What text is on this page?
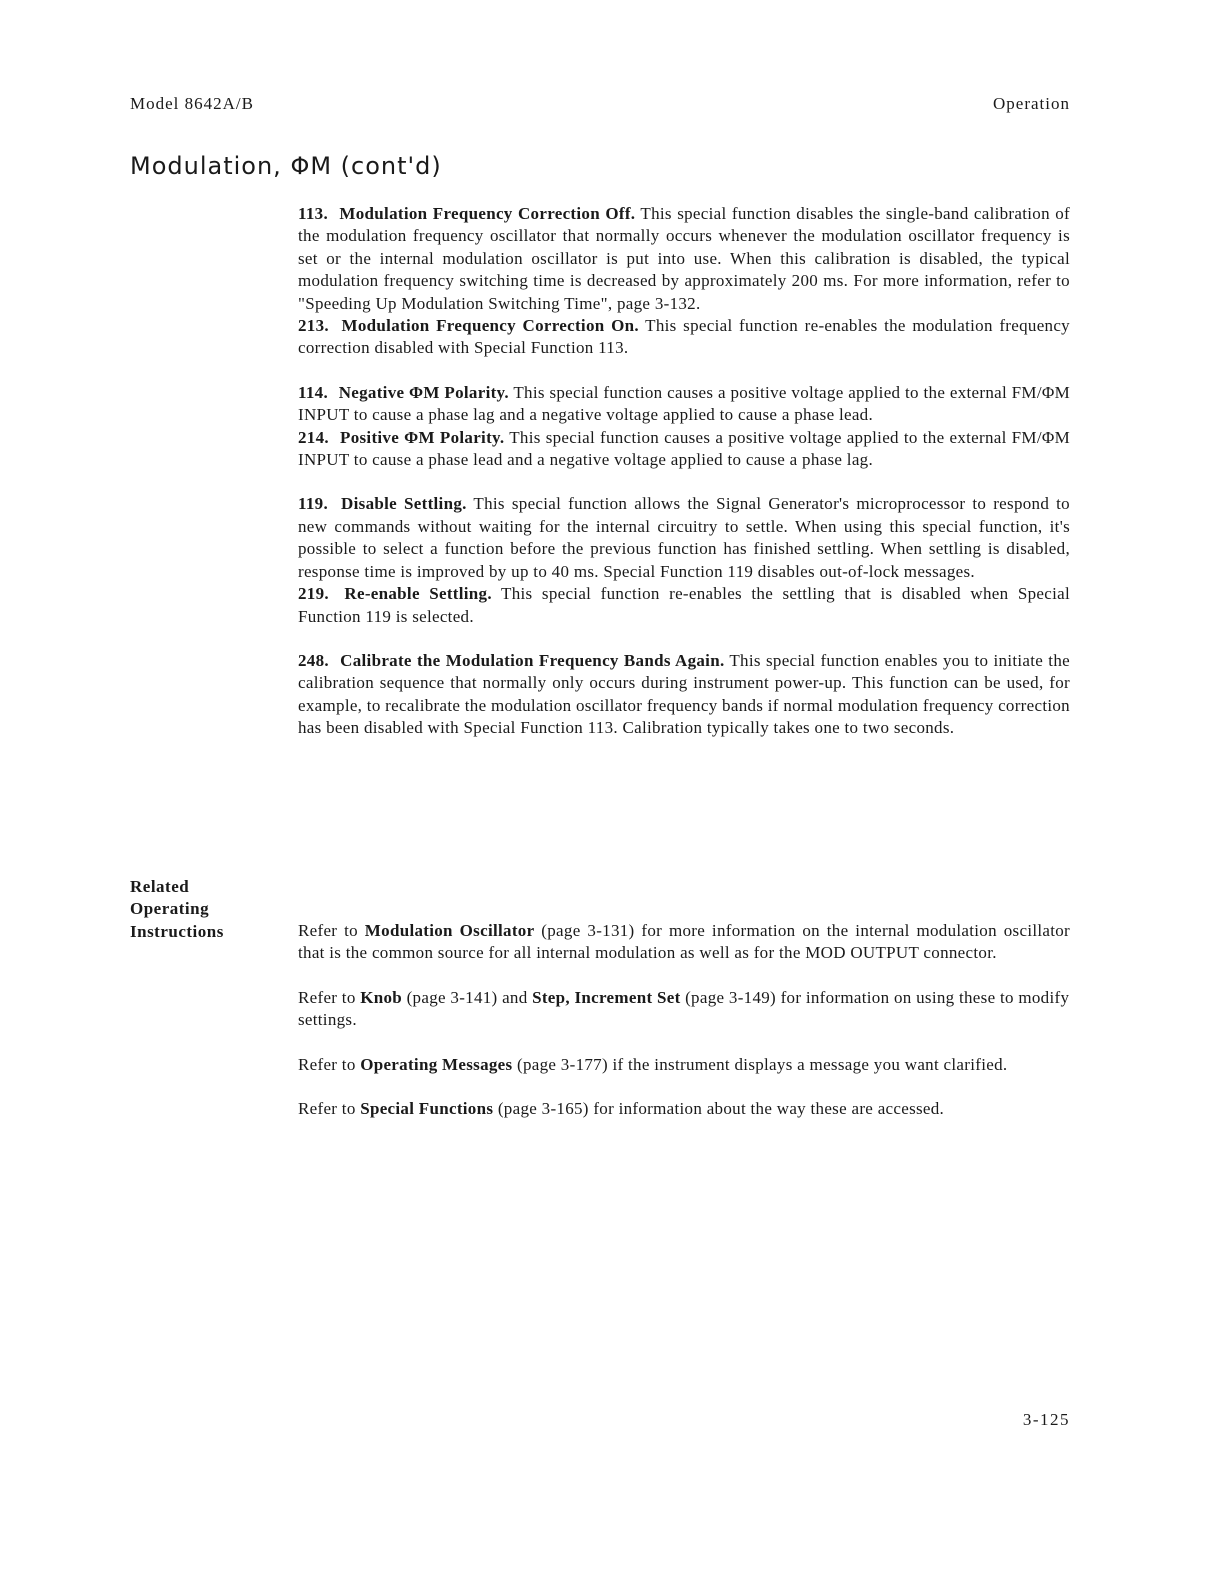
Model 8642A/B	Operation
Modulation, ΦM (cont'd)

113. Modulation Frequency Correction Off. This special function disables the single-band calibration of the modulation frequency oscillator that normally occurs whenever the modulation oscillator frequency is set or the internal modulation oscillator is put into use. When this calibration is disabled, the typical modulation frequency switching time is decreased by approximately 200 ms. For more information, refer to "Speeding Up Modulation Switching Time", page 3-132.

213. Modulation Frequency Correction On. This special function re-enables the modulation frequency correction disabled with Special Function 113.

114. Negative ΦM Polarity. This special function causes a positive voltage applied to the external FM/ΦM INPUT to cause a phase lag and a negative voltage applied to cause a phase lead.

214. Positive ΦM Polarity. This special function causes a positive voltage applied to the external FM/ΦM INPUT to cause a phase lead and a negative voltage applied to cause a phase lag.

119. Disable Settling. This special function allows the Signal Generator's microprocessor to respond to new commands without waiting for the internal circuitry to settle. When using this special function, it's possible to select a function before the previous function has finished settling. When settling is disabled, response time is improved by up to 40 ms. Special Function 119 disables out-of-lock messages.

219. Re-enable Settling. This special function re-enables the settling that is disabled when Special Function 119 is selected.

248. Calibrate the Modulation Frequency Bands Again. This special function enables you to initiate the calibration sequence that normally only occurs during instrument power-up. This function can be used, for example, to recalibrate the modulation oscillator frequency bands if normal modulation frequency correction has been disabled with Special Function 113. Calibration typically takes one to two seconds.

Related
Operating
Instructions	Refer to Modulation Oscillator (page 3-131) for more information on the internal modulation oscillator that is the common source for all internal modulation as well as for the MOD OUTPUT connector.

Refer to Knob (page 3-141) and Step, Increment Set (page 3-149) for information on using these to modify settings.

Refer to Operating Messages (page 3-177) if the instrument displays a message you want clarified.

Refer to Special Functions (page 3-165) for information about the way these are accessed.

3-125
